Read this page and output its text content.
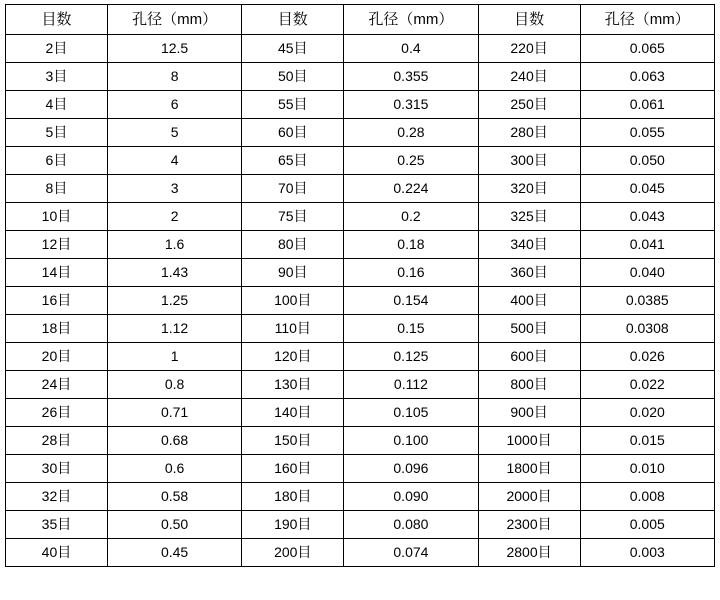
目数	孔径（mm）	目数	孔径（mm）	目数	孔径（mm）
2目	12.5	45目	0.4	220目	0.065
3目	8	50目	0.355	240目	0.063
4目	6	55目	0.315	250目	0.061
5目	5	60目	0.28	280目	0.055
6目	4	65目	0.25	300目	0.050
8目	3	70目	0.224	320目	0.045
10目	2	75目	0.2	325目	0.043
12目	1.6	80目	0.18	340目	0.041
14目	1.43	90目	0.16	360目	0.040
16目	1.25	100目	0.154	400目	0.0385
18目	1.12	110目	0.15	500目	0.0308
20目	1	120目	0.125	600目	0.026
24目	0.8	130目	0.112	800目	0.022
26目	0.71	140目	0.105	900目	0.020
28目	0.68	150目	0.100	1000目	0.015
30目	0.6	160目	0.096	1800目	0.010
32目	0.58	180目	0.090	2000目	0.008
35目	0.50	190目	0.080	2300目	0.005
40目	0.45	200目	0.074	2800目	0.003
